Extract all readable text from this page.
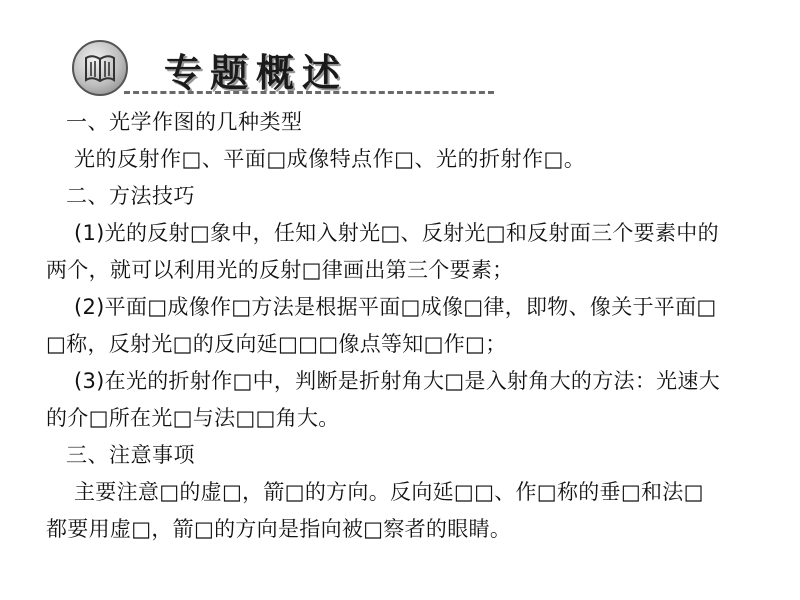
专题概述
一、光学作图的几种类型
光的反射作□、平面□成像特点作□、光的折射作□。
二、方法技巧
(1)光的反射□象中，任知入射光□、反射光□和反射面三个要素中的
两个，就可以利用光的反射□律画出第三个要素；
(2)平面□成像作□方法是根据平面□成像□律，即物、像关于平面□
□称，反射光□的反向延□□□像点等知□作□；
(3)在光的折射作□中，判断是折射角大□是入射角大的方法：光速大
的介□所在光□与法□□角大。
三、注意事项
主要注意□的虚□，箭□的方向。反向延□□、作□称的垂□和法□
都要用虚□，箭□的方向是指向被□察者的眼睛。
